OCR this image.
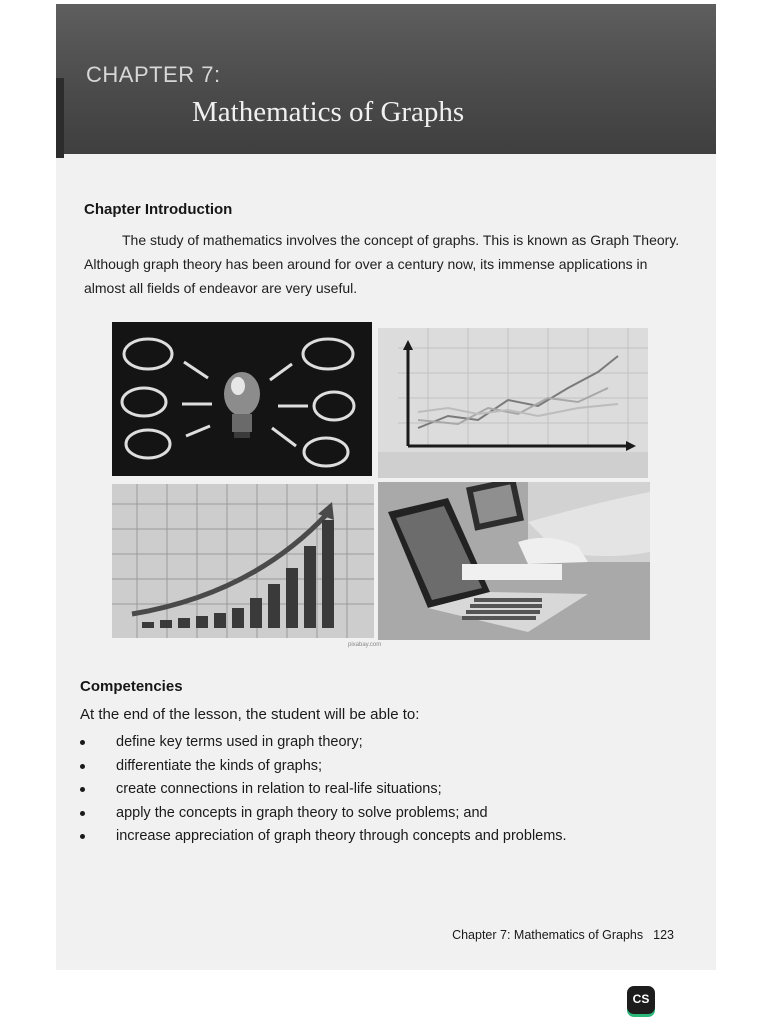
CHAPTER 7:
Mathematics of Graphs
Chapter Introduction
The study of mathematics involves the concept of graphs. This is known as Graph Theory. Although graph theory has been around for over a century now, its immense applications in almost all fields of endeavor are very useful.
pixabay.com
Competencies
At the end of the lesson, the student will be able to:
define key terms used in graph theory;
differentiate the kinds of graphs;
create connections in relation to real-life situations;
apply the concepts in graph theory to solve problems; and
increase appreciation of graph theory through concepts and problems.
Chapter 7: Mathematics of Graphs 123
CS
